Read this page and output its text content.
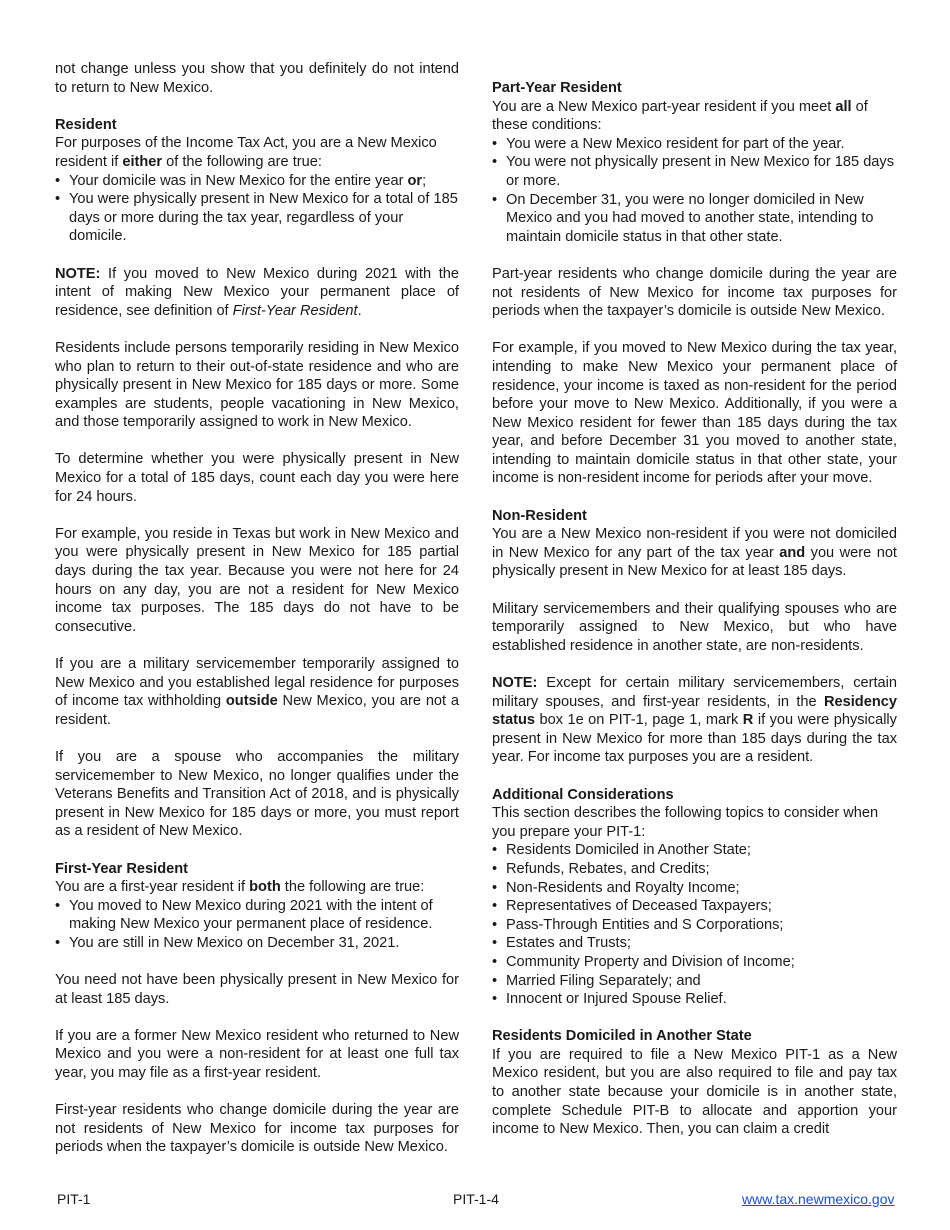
not change unless you show that you definitely do not intend to return to New Mexico.

Resident

For purposes of the Income Tax Act, you are a New Mexico resident if either of the following are true:

• Your domicile was in New Mexico for the entire year or;
• You were physically present in New Mexico for a total of 185 days or more during the tax year, regardless of your domicile.

NOTE: If you moved to New Mexico during 2021 with the intent of making New Mexico your permanent place of residence, see definition of First-Year Resident.

Residents include persons temporarily residing in New Mexico who plan to return to their out-of-state residence and who are physically present in New Mexico for 185 days or more. Some examples are students, people vacationing in New Mexico, and those temporarily assigned to work in New Mexico.

To determine whether you were physically present in New Mexico for a total of 185 days, count each day you were here for 24 hours.

For example, you reside in Texas but work in New Mexico and you were physically present in New Mexico for 185 partial days during the tax year. Because you were not here for 24 hours on any day, you are not a resident for New Mexico income tax purposes. The 185 days do not have to be consecutive.

If you are a military servicemember temporarily assigned to New Mexico and you established legal residence for purposes of income tax withholding outside New Mexico, you are not a resident.

If you are a spouse who accompanies the military servicemember to New Mexico, no longer qualifies under the Veterans Benefits and Transition Act of 2018, and is physically present in New Mexico for 185 days or more, you must report as a resident of New Mexico.

First-Year Resident

You are a first-year resident if both the following are true:

• You moved to New Mexico during 2021 with the intent of making New Mexico your permanent place of residence.
• You are still in New Mexico on December 31, 2021.

You need not have been physically present in New Mexico for at least 185 days.

If you are a former New Mexico resident who returned to New Mexico and you were a non-resident for at least one full tax year, you may file as a first-year resident.

First-year residents who change domicile during the year are not residents of New Mexico for income tax purposes for periods when the taxpayer’s domicile is outside New Mexico.

Part-Year Resident

You are a New Mexico part-year resident if you meet all of these conditions:

• You were a New Mexico resident for part of the year.
• You were not physically present in New Mexico for 185 days or more.
• On December 31, you were no longer domiciled in New Mexico and you had moved to another state, intending to maintain domicile status in that other state.

Part-year residents who change domicile during the year are not residents of New Mexico for income tax purposes for periods when the taxpayer’s domicile is outside New Mexico.

For example, if you moved to New Mexico during the tax year, intending to make New Mexico your permanent place of residence, your income is taxed as non-resident for the period before your move to New Mexico. Additionally, if you were a New Mexico resident for fewer than 185 days during the tax year, and before December 31 you moved to another state, intending to maintain domicile status in that other state, your income is non-resident income for periods after your move.

Non-Resident

You are a New Mexico non-resident if you were not domiciled in New Mexico for any part of the tax year and you were not physically present in New Mexico for at least 185 days.

Military servicemembers and their qualifying spouses who are temporarily assigned to New Mexico, but who have established residence in another state, are non-residents.

NOTE: Except for certain military servicemembers, certain military spouses, and first-year residents, in the Residency status box 1e on PIT-1, page 1, mark R if you were physically present in New Mexico for more than 185 days during the tax year. For income tax purposes you are a resident.

Additional Considerations

This section describes the following topics to consider when you prepare your PIT-1:

• Residents Domiciled in Another State;
• Refunds, Rebates, and Credits;
• Non-Residents and Royalty Income;
• Representatives of Deceased Taxpayers;
• Pass-Through Entities and S Corporations;
• Estates and Trusts;
• Community Property and Division of Income;
• Married Filing Separately; and
• Innocent or Injured Spouse Relief.
Residents Domiciled in Another State

If you are required to file a New Mexico PIT-1 as a New Mexico resident, but you are also required to file and pay tax to another state because your domicile is in another state, complete Schedule PIT-B to allocate and apportion your income to New Mexico. Then, you can claim a credit

PIT-1	PIT-1-4	www.tax.newmexico.gov
